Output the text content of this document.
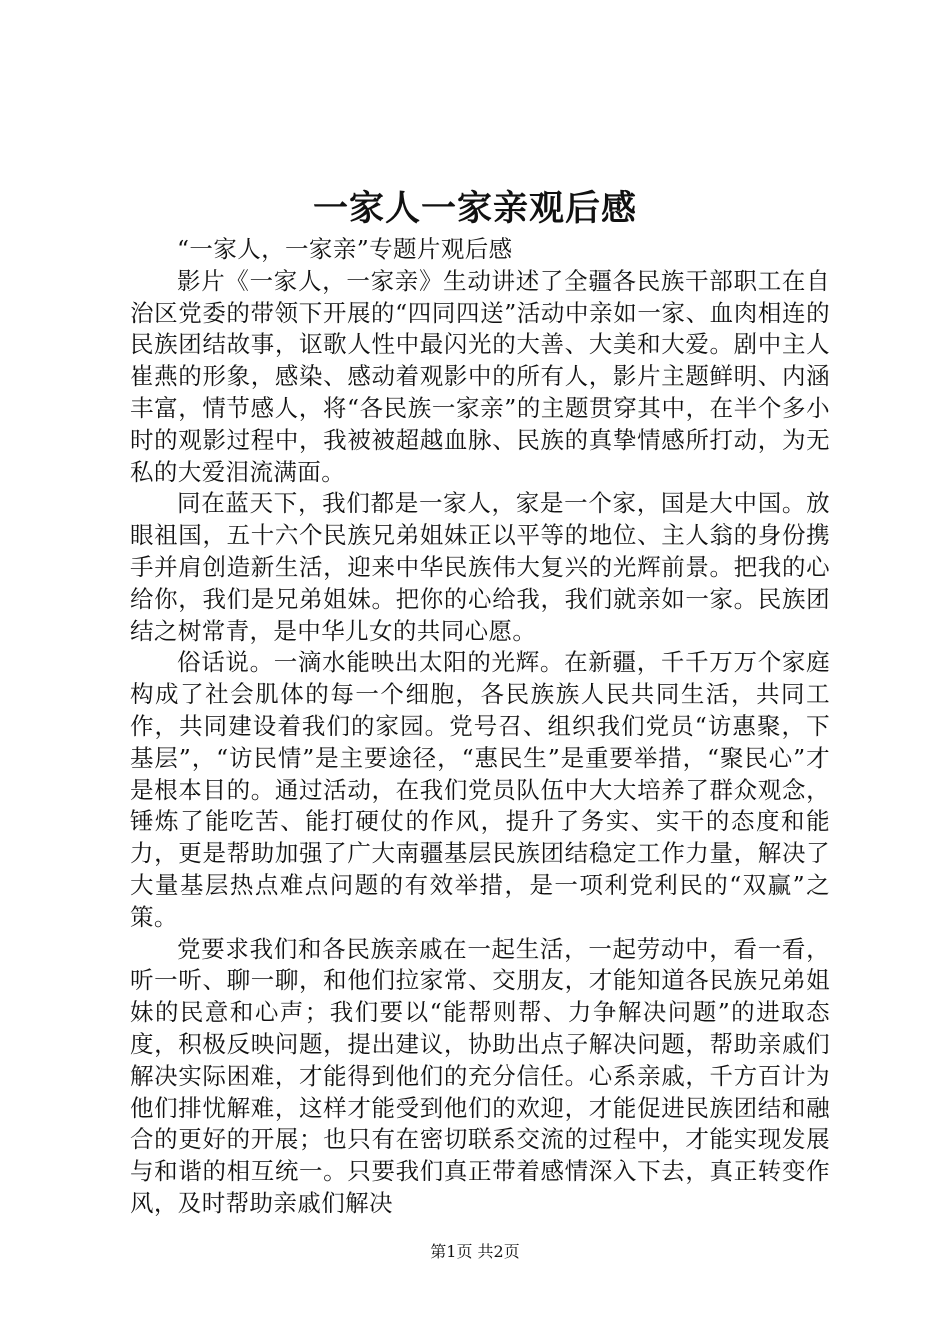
一家人一家亲观后感

“一家人，一家亲”专题片观后感

影片《一家人，一家亲》生动讲述了全疆各民族干部职工在自治区党委的带领下开展的“四同四送”活动中亲如一家、血肉相连的民族团结故事，讴歌人性中最闪光的大善、大美和大爱。剧中主人崔燕的形象，感染、感动着观影中的所有人，影片主题鲜明、内涵丰富，情节感人，将“各民族一家亲”的主题贯穿其中，在半个多小时的观影过程中，我被被超越血脉、民族的真挚情感所打动，为无私的大爱泪流满面。

同在蓝天下，我们都是一家人，家是一个家，国是大中国。放眼祖国，五十六个民族兄弟姐妹正以平等的地位、主人翁的身份携手并肩创造新生活，迎来中华民族伟大复兴的光辉前景。把我的心给你，我们是兄弟姐妹。把你的心给我，我们就亲如一家。民族团结之树常青，是中华儿女的共同心愿。

俗话说。一滴水能映出太阳的光辉。在新疆，千千万万个家庭构成了社会肌体的每一个细胞，各民族族人民共同生活，共同工作，共同建设着我们的家园。党号召、组织我们党员“访惠聚，下基层”，“访民情”是主要途径，“惠民生”是重要举措，“聚民心”才是根本目的。通过活动，在我们党员队伍中大大培养了群众观念，锤炼了能吃苦、能打硬仗的作风，提升了务实、实干的态度和能力，更是帮助加强了广大南疆基层民族团结稳定工作力量，解决了大量基层热点难点问题的有效举措，是一项利党利民的“双赢”之策。

党要求我们和各民族亲戚在一起生活，一起劳动中，看一看，听一听、聊一聊，和他们拉家常、交朋友，才能知道各民族兄弟姐妹的民意和心声；我们要以“能帮则帮、力争解决问题”的进取态度，积极反映问题，提出建议，协助出点子解决问题，帮助亲戚们解决实际困难，才能得到他们的充分信任。心系亲戚，千方百计为他们排忧解难，这样才能受到他们的欢迎，才能促进民族团结和融合的更好的开展；也只有在密切联系交流的过程中，才能实现发展与和谐的相互统一。只要我们真正带着感情深入下去，真正转变作风，及时帮助亲戚们解决

第1页 共2页
